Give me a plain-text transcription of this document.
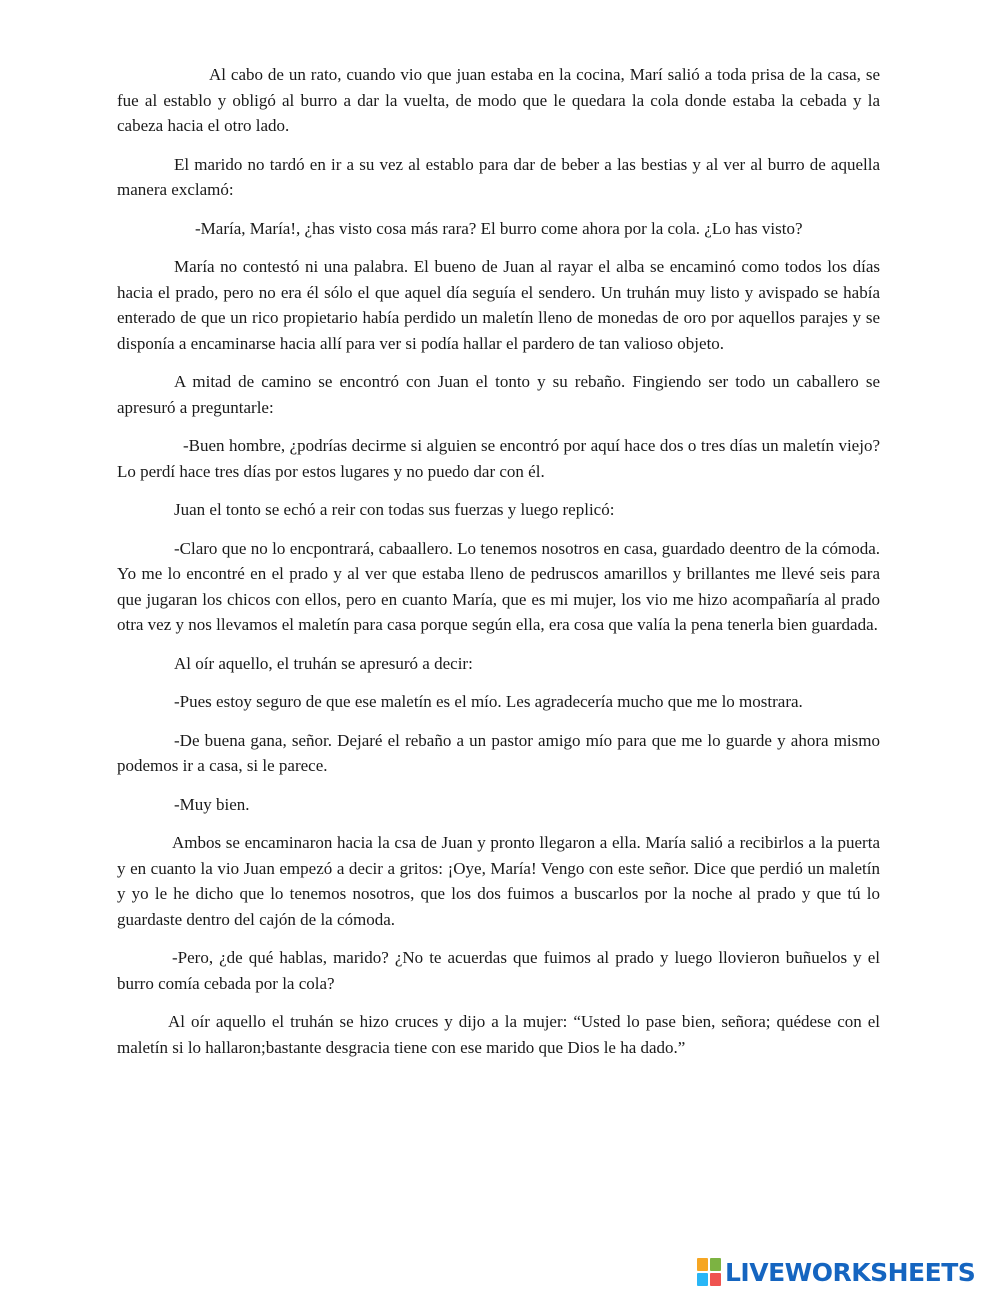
Al cabo de un rato, cuando vio que juan estaba en la cocina, Marí salió a toda prisa de la casa, se fue al establo y obligó al burro a dar la vuelta, de modo que le quedara la cola donde estaba la cebada y la cabeza hacia el otro lado.

El marido no tardó en ir a su vez al establo para dar de beber a las bestias y al ver al burro de aquella manera exclamó:

-María, María!, ¿has visto cosa más rara? El burro come ahora por la cola. ¿Lo has visto?

María no contestó ni una palabra. El bueno de Juan al rayar el alba se encaminó como todos los días hacia el prado, pero no era él sólo el que aquel día seguía el sendero. Un truhán muy listo y avispado se había enterado de que un rico propietario había perdido un maletín lleno de monedas de oro por aquellos parajes y se disponía a encaminarse hacia allí para ver si podía hallar el pardero de tan valioso objeto.

A mitad de camino se encontró con Juan el tonto y su rebaño. Fingiendo ser todo un caballero se apresuró a preguntarle:

-Buen hombre, ¿podrías decirme si alguien se encontró por aquí hace dos o tres días un maletín viejo? Lo perdí hace tres días por estos lugares y no puedo dar con él.

Juan el tonto se echó a reir con todas sus fuerzas y luego replicó:

-Claro que no lo encpontrará, cabaallero. Lo tenemos nosotros en casa, guardado deentro de la cómoda. Yo me lo encontré en el prado y al ver que estaba lleno de pedruscos amarillos y brillantes me llevé seis para que jugaran los chicos con ellos, pero en cuanto María, que es mi mujer, los vio me hizo acompañaría al prado otra vez y nos llevamos el maletín para casa porque según ella, era cosa que valía la pena tenerla bien guardada.

Al oír aquello, el truhán se apresuró a decir:

-Pues estoy seguro de que ese maletín es el mío. Les agradecería mucho que me lo mostrara.

-De buena gana, señor. Dejaré el rebaño a un pastor amigo mío para que me lo guarde y ahora mismo podemos ir a casa, si le parece.

-Muy bien.

Ambos se encaminaron hacia la csa de Juan y pronto llegaron a ella. María salió a recibirlos a la puerta y en cuanto la vio Juan empezó a decir a gritos: ¡Oye, María! Vengo con este señor. Dice que perdió un maletín y yo le he dicho que lo tenemos nosotros, que los dos fuimos a buscarlos por la noche al prado y que tú lo guardaste dentro del cajón de la cómoda.

-Pero, ¿de qué hablas, marido? ¿No te acuerdas que fuimos al prado y luego llovieron buñuelos y el burro comía cebada por la cola?

Al oír aquello el truhán se hizo cruces y dijo a la mujer: “Usted lo pase bien, señora; quédese con el maletín si lo hallaron;bastante desgracia tiene con ese marido que Dios le ha dado.”

LIVEWORKSHEETS
